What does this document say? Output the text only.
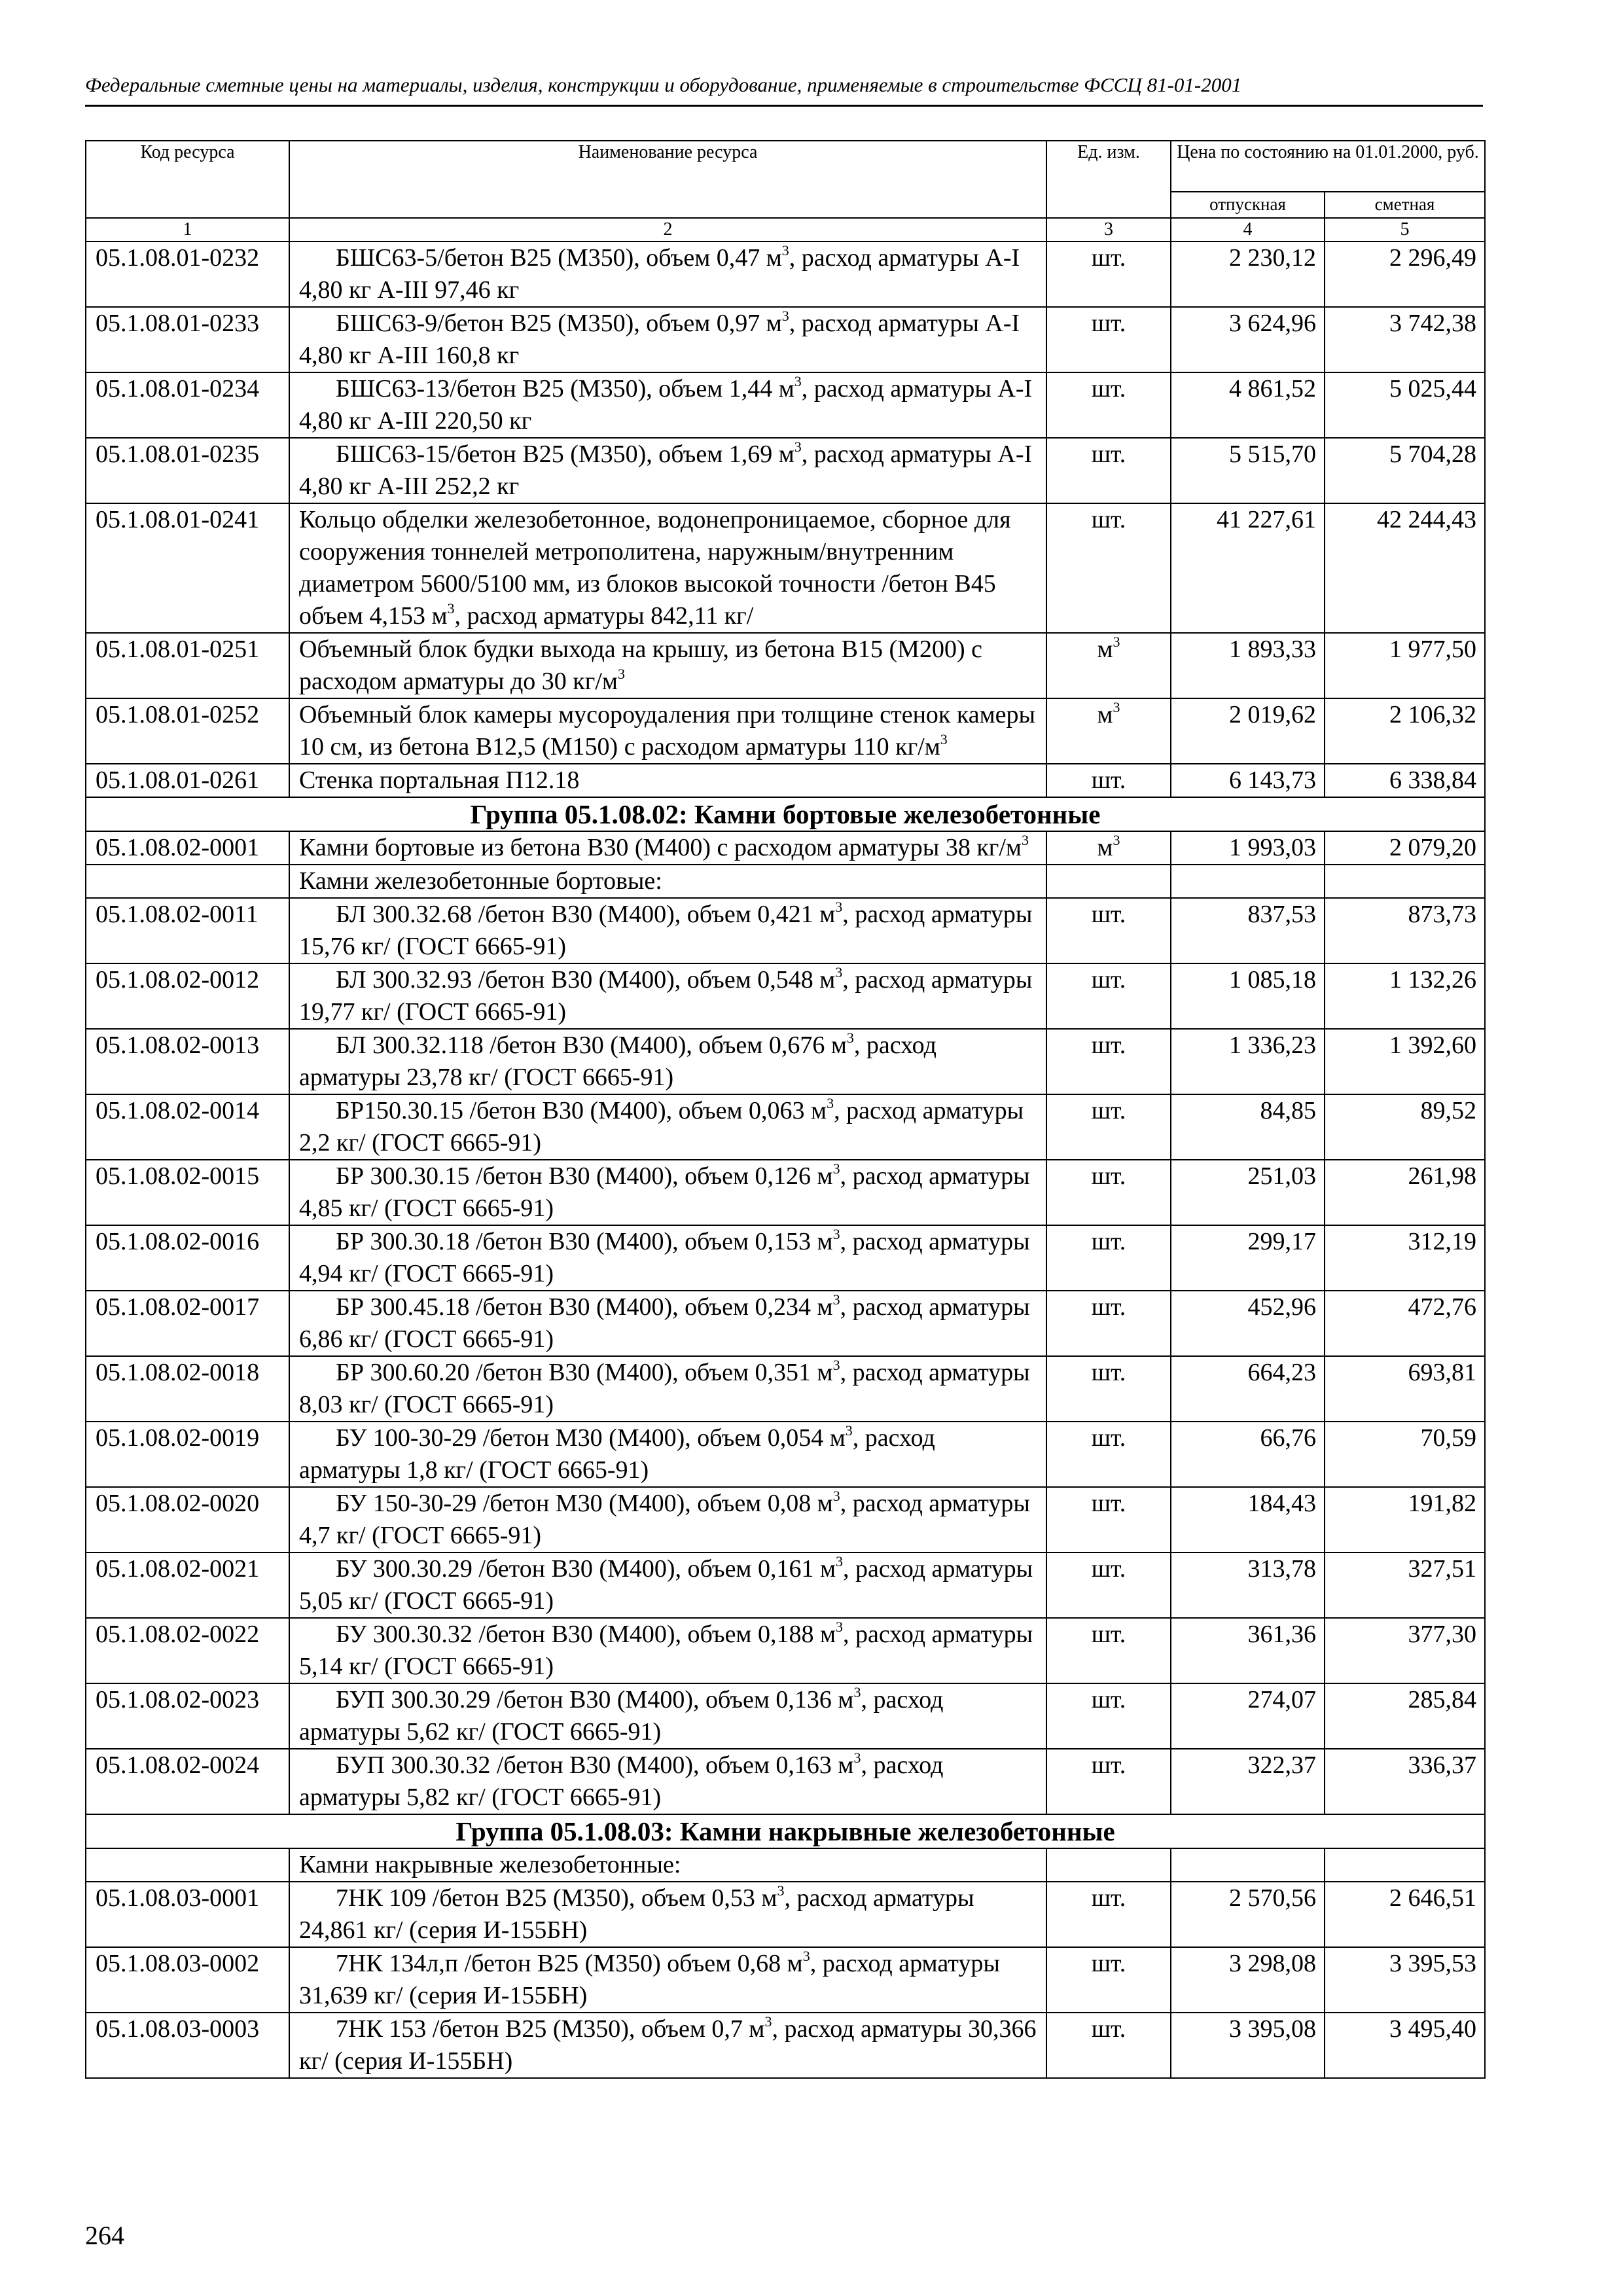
Федеральные сметные цены на материалы, изделия, конструкции и оборудование, применяемые в строительстве ФССЦ 81-01-2001
Код ресурса	Наименование ресурса	Ед. изм.	Цена по состоянию на 01.01.2000, руб.	
			отпускная	сметная
1	2	3	4	5
05.1.08.01-0232	БШС63-5/бетон В25 (М350), объем 0,47 $м^3$, расход арматуры А-I 4,80 кг А-III 97,46 кг	шт.	2 230,12	2 296,49
05.1.08.01-0233	БШС63-9/бетон В25 (М350), объем 0,97 $м^3$, расход арматуры А-I 4,80 кг А-III 160,8 кг	шт.	3 624,96	3 742,38
05.1.08.01-0234	БШС63-13/бетон В25 (М350), объем 1,44 $м^3$, расход арматуры А-I 4,80 кг А-III 220,50 кг	шт.	4 861,52	5 025,44
05.1.08.01-0235	БШС63-15/бетон В25 (М350), объем 1,69 $м^3$, расход арматуры А-I 4,80 кг А-III 252,2 кг	шт.	5 515,70	5 704,28
05.1.08.01-0241	Кольцо обделки железобетонное, водонепроницаемое, сборное для сооружения тоннелей метрополитена, наружным/внутренним диаметром 5600/5100 мм, из блоков высокой точности /бетон В45 объем 4,153 $м^3$, расход арматуры 842,11 кг/	шт.	41 227,61	42 244,43
05.1.08.01-0251	Объемный блок будки выхода на крышу, из бетона В15 (М200) с расходом арматуры до 30 $кг/м^3$	$м^3$	1 893,33	1 977,50
05.1.08.01-0252	Объемный блок камеры мусороудаления при толщине стенок камеры 10 см, из бетона В12,5 (М150) с расходом арматуры 110 $кг/м^3$	$м^3$	2 019,62	2 106,32
05.1.08.01-0261	Стенка портальная П12.18	шт.	6 143,73	6 338,84
Группа 05.1.08.02: Камни бортовые железобетонные				
05.1.08.02-0001	Камни бортовые из бетона В30 (М400) с расходом арматуры 38 $кг/м^3$	$м^3$	1 993,03	2 079,20
	Камни железобетонные бортовые:			
05.1.08.02-0011	БЛ 300.32.68 /бетон В30 (М400), объем 0,421 $м^3$, расход арматуры 15,76 кг/ (ГОСТ 6665-91)	шт.	837,53	873,73
05.1.08.02-0012	БЛ 300.32.93 /бетон В30 (М400), объем 0,548 $м^3$, расход арматуры 19,77 кг/ (ГОСТ 6665-91)	шт.	1 085,18	1 132,26
05.1.08.02-0013	БЛ 300.32.118 /бетон В30 (М400), объем 0,676 $м^3$, расход арматуры 23,78 кг/ (ГОСТ 6665-91)	шт.	1 336,23	1 392,60
05.1.08.02-0014	БР150.30.15 /бетон В30 (М400), объем 0,063 $м^3$, расход арматуры 2,2 кг/ (ГОСТ 6665-91)	шт.	84,85	89,52
05.1.08.02-0015	БР 300.30.15 /бетон В30 (М400), объем 0,126 $м^3$, расход арматуры 4,85 кг/ (ГОСТ 6665-91)	шт.	251,03	261,98
05.1.08.02-0016	БР 300.30.18 /бетон В30 (М400), объем 0,153 $м^3$, расход арматуры 4,94 кг/ (ГОСТ 6665-91)	шт.	299,17	312,19
05.1.08.02-0017	БР 300.45.18 /бетон В30 (М400), объем 0,234 $м^3$, расход арматуры 6,86 кг/ (ГОСТ 6665-91)	шт.	452,96	472,76
05.1.08.02-0018	БР 300.60.20 /бетон В30 (М400), объем 0,351 $м^3$, расход арматуры 8,03 кг/ (ГОСТ 6665-91)	шт.	664,23	693,81
05.1.08.02-0019	БУ 100-30-29 /бетон М30 (М400), объем 0,054 $м^3$, расход арматуры 1,8 кг/ (ГОСТ 6665-91)	шт.	66,76	70,59
05.1.08.02-0020	БУ 150-30-29 /бетон М30 (М400), объем 0,08 $м^3$, расход арматуры 4,7 кг/ (ГОСТ 6665-91)	шт.	184,43	191,82
05.1.08.02-0021	БУ 300.30.29 /бетон В30 (М400), объем 0,161 $м^3$, расход арматуры 5,05 кг/ (ГОСТ 6665-91)	шт.	313,78	327,51
05.1.08.02-0022	БУ 300.30.32 /бетон В30 (М400), объем 0,188 $м^3$, расход арматуры 5,14 кг/ (ГОСТ 6665-91)	шт.	361,36	377,30
05.1.08.02-0023	БУП 300.30.29 /бетон В30 (М400), объем 0,136 $м^3$, расход арматуры 5,62 кг/ (ГОСТ 6665-91)	шт.	274,07	285,84
05.1.08.02-0024	БУП 300.30.32 /бетон В30 (М400), объем 0,163 $м^3$, расход арматуры 5,82 кг/ (ГОСТ 6665-91)	шт.	322,37	336,37
Группа 05.1.08.03: Камни накрывные железобетонные				
	Камни накрывные железобетонные:			
05.1.08.03-0001	7НК 109 /бетон В25 (М350), объем 0,53 $м^3$, расход арматуры 24,861 кг/ (серия И-155БН)	шт.	2 570,56	2 646,51
05.1.08.03-0002	7НК 134л,п /бетон В25 (М350) объем 0,68 $м^3$, расход арматуры 31,639 кг/ (серия И-155БН)	шт.	3 298,08	3 395,53
05.1.08.03-0003	7НК 153 /бетон В25 (М350), объем 0,7 $м^3$, расход арматуры 30,366 кг/ (серия И-155БН)	шт.	3 395,08	3 495,40
264
